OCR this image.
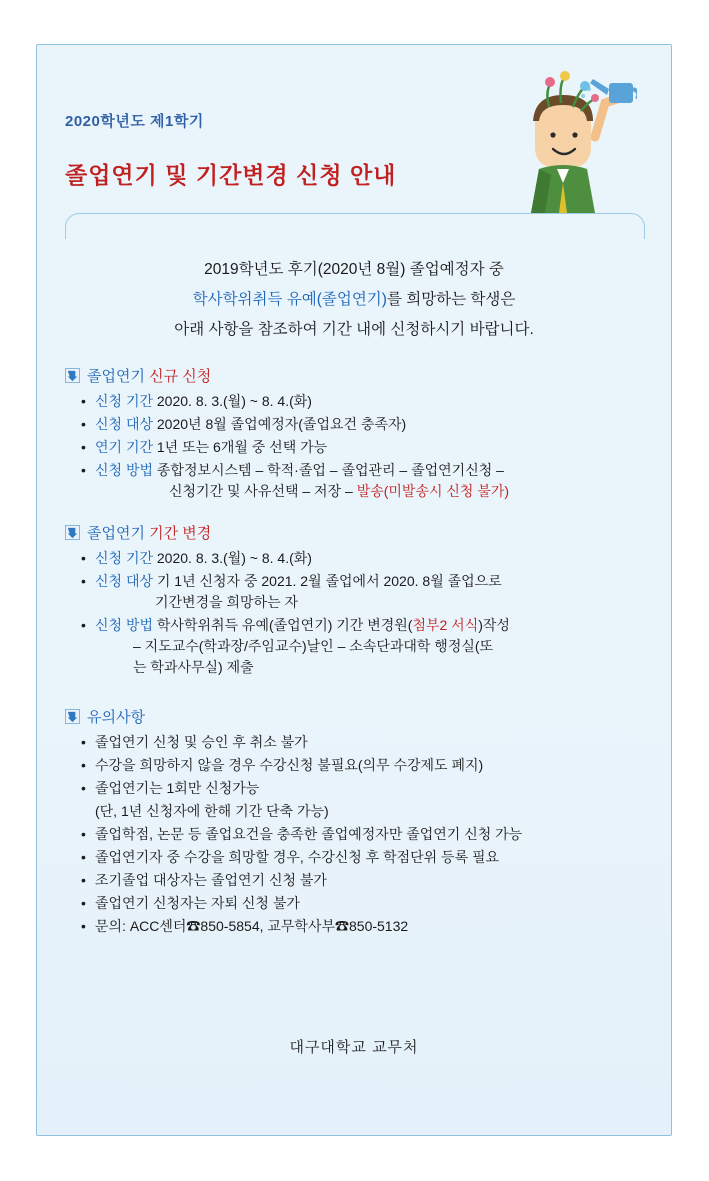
2020학년도 제1학기
졸업연기 및 기간변경 신청 안내
2019학년도 후기(2020년 8월) 졸업예정자 중
학사학위취득 유예(졸업연기)를 희망하는 학생은
아래 사항을 참조하여 기간 내에 신청하시기 바랍니다.
졸업연기 신규 신청
• 신청 기간 2020. 8. 3.(월) ~ 8. 4.(화)
• 신청 대상 2020년 8월 졸업예정자(졸업요건 충족자)
• 연기 기간 1년 또는 6개월 중 선택 가능
• 신청 방법 종합정보시스템 – 학적·졸업 – 졸업관리 – 졸업연기신청 –
신청기간 및 사유선택 – 저장 – 발송(미발송시 신청 불가)
졸업연기 기간 변경
• 신청 기간 2020. 8. 3.(월) ~ 8. 4.(화)
• 신청 대상 기 1년 신청자 중 2021. 2월 졸업에서 2020. 8월 졸업으로
기간변경을 희망하는 자
• 신청 방법 학사학위취득 유예(졸업연기) 기간 변경원(첨부2 서식)작성
– 지도교수(학과장/주임교수)날인 – 소속단과대학 행정실(또
는 학과사무실) 제출
유의사항
• 졸업연기 신청 및 승인 후 취소 불가
• 수강을 희망하지 않을 경우 수강신청 불필요(의무 수강제도 폐지)
• 졸업연기는 1회만 신청가능
(단, 1년 신청자에 한해 기간 단축 가능)
• 졸업학점, 논문 등 졸업요건을 충족한 졸업예정자만 졸업연기 신청 가능
• 졸업연기자 중 수강을 희망할 경우, 수강신청 후 학점단위 등록 필요
• 조기졸업 대상자는 졸업연기 신청 불가
• 졸업연기 신청자는 자퇴 신청 불가
• 문의: ACC센터☎850-5854, 교무학사부☎850-5132
대구대학교 교무처
